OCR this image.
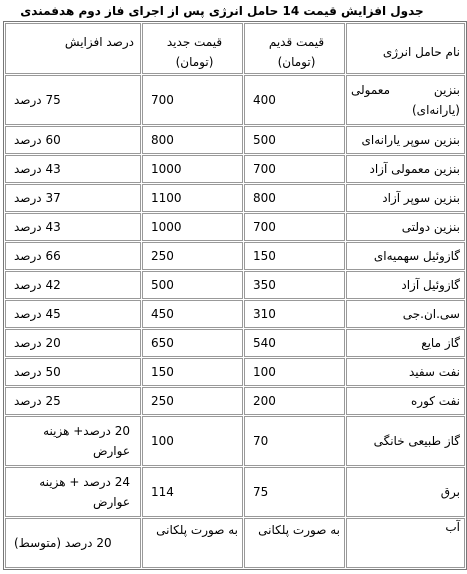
جدول افزایش قیمت 14 حامل انرژی پس از اجرای فاز دوم هدفمندی
نام حامل انرژی	قیمت قدیم (تومان)	قیمت جدید (تومان)	درصد افزایش
بنزین معمولی (یارانه‌ای)	400	700	75 درصد
بنزین سوپر یارانه‌ای	500	800	60 درصد
بنزین معمولی آزاد	700	1000	43 درصد
بنزین سوپر آزاد	800	1100	37 درصد
بنزین دولتی	700	1000	43 درصد
گازوئیل سهمیه‌ای	150	250	66 درصد
گازوئیل آزاد	350	500	42 درصد
سی.ان.جی	310	450	45 درصد
گاز مایع	540	650	20 درصد
نفت سفید	100	150	50 درصد
نفت کوره	200	250	25 درصد
گاز طبیعی خانگی	70	100	20 درصد+ هزینه عوارض
برق	75	114	24 درصد + هزینه عوارض
آب	به صورت پلکانی	به صورت پلکانی	20 درصد (متوسط)
